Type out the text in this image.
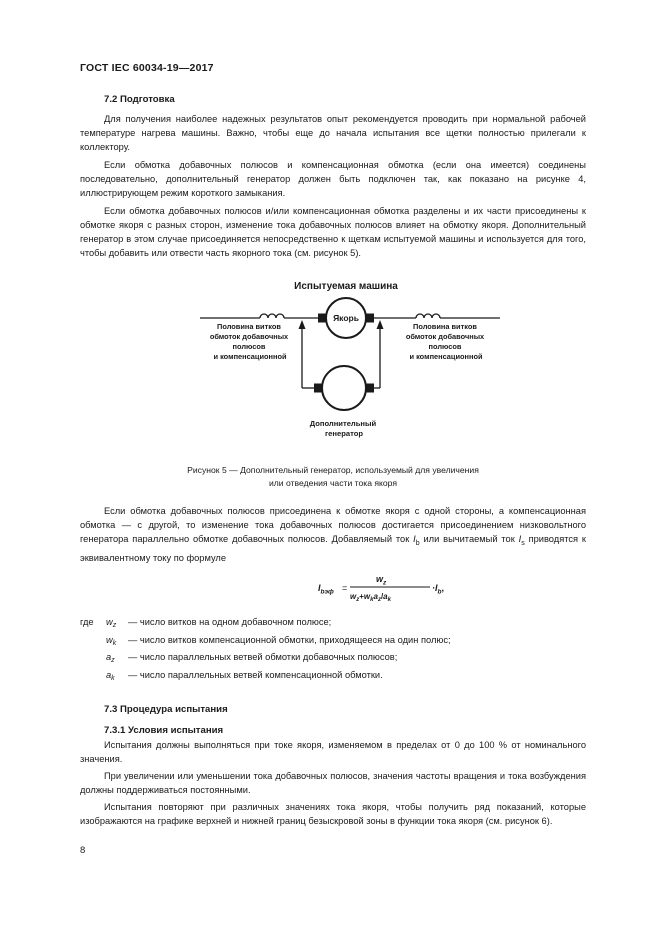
ГОСТ IEC 60034-19—2017
7.2 Подготовка

Для получения наиболее надежных результатов опыт рекомендуется проводить при нормальной рабочей температуре нагрева машины. Важно, чтобы еще до начала испытания все щетки полностью прилегали к коллектору.

Если обмотка добавочных полюсов и компенсационная обмотка (если она имеется) соединены последовательно, дополнительный генератор должен быть подключен так, как показано на рисунке 4, иллюстрирующем режим короткого замыкания.

Если обмотка добавочных полюсов и/или компенсационная обмотка разделены и их части присоединены к обмотке якоря с разных сторон, изменение тока добавочных полюсов влияет на обмотку якоря. Дополнительный генератор в этом случае присоединяется непосредственно к щеткам испытуемой машины и используется для того, чтобы добавить или отвести часть якорного тока (см. рисунок 5).

Испытуемая машина
Якорь
Половина витков обмоток добавочных полюсов и компенсационной
Половина витков обмоток добавочных полюсов и компенсационной
Дополнительный генератор
Рисунок 5 — Дополнительный генератор, используемый для увеличения
или отведения части тока якоря

Если обмотка добавочных полюсов присоединена к обмотке якоря с одной стороны, а компенсационная обмотка — с другой, то изменение тока добавочных полюсов достигается присоединением низковольтного генератора параллельно обмотке добавочных полюсов. Добавляемый ток $I_b$ или вычитаемый ток $I_s$ приводятся к эквивалентному току по формуле

$I_{bэф}$ =
$w_z$
$w_z+w_ka_z/a_k$
$\cdot I_b$,
где $w_z$ — число витков на одном добавочном полюсе;
$w_k$ — число витков компенсационной обмотки, приходящееся на один полюс;
$a_z$ — число параллельных ветвей обмотки добавочных полюсов;
$a_k$ — число параллельных ветвей компенсационной обмотки.
7.3 Процедура испытания
7.3.1 Условия испытания

Испытания должны выполняться при токе якоря, изменяемом в пределах от 0 до 100 % от номинального значения.

При увеличении или уменьшении тока добавочных полюсов, значения частоты вращения и тока возбуждения должны поддерживаться постоянными.

Испытания повторяют при различных значениях тока якоря, чтобы получить ряд показаний, которые изображаются на графике верхней и нижней границ безыскровой зоны в функции тока якоря (см. рисунок 6).

8
